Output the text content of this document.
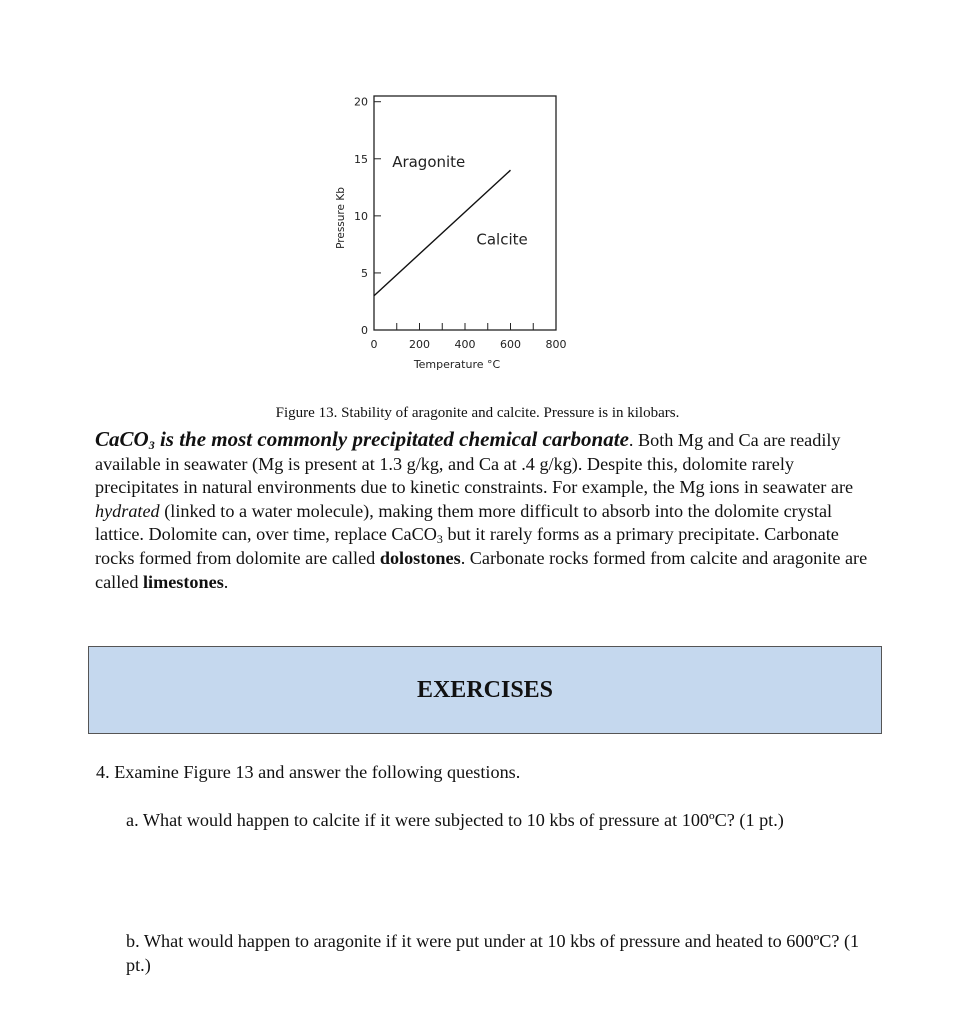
0
5
10
15
20
0	200 400 600 800
Aragonite
Calcite
Temperature °C
Pressure Kb
Figure 13. Stability of aragonite and calcite. Pressure is in kilobars.

CaCO$_3$ is the most commonly precipitated chemical carbonate. Both Mg and Ca are readily available in seawater (Mg is present at 1.3 g/kg, and Ca at .4 g/kg). Despite this, dolomite rarely precipitates in natural environments due to kinetic constraints. For example, the Mg ions in seawater are hydrated (linked to a water molecule), making them more difficult to absorb into the dolomite crystal lattice. Dolomite can, over time, replace CaCO$_3$ but it rarely forms as a primary precipitate. Carbonate rocks formed from dolomite are called dolostones. Carbonate rocks formed from calcite and aragonite are called limestones.

EXERCISES
4. Examine Figure 13 and answer the following questions.
a. What would happen to calcite if it were subjected to 10 kbs of pressure at 100ºC? (1 pt.)
b. What would happen to aragonite if it were put under at 10 kbs of pressure and heated to 600ºC? (1 pt.)
